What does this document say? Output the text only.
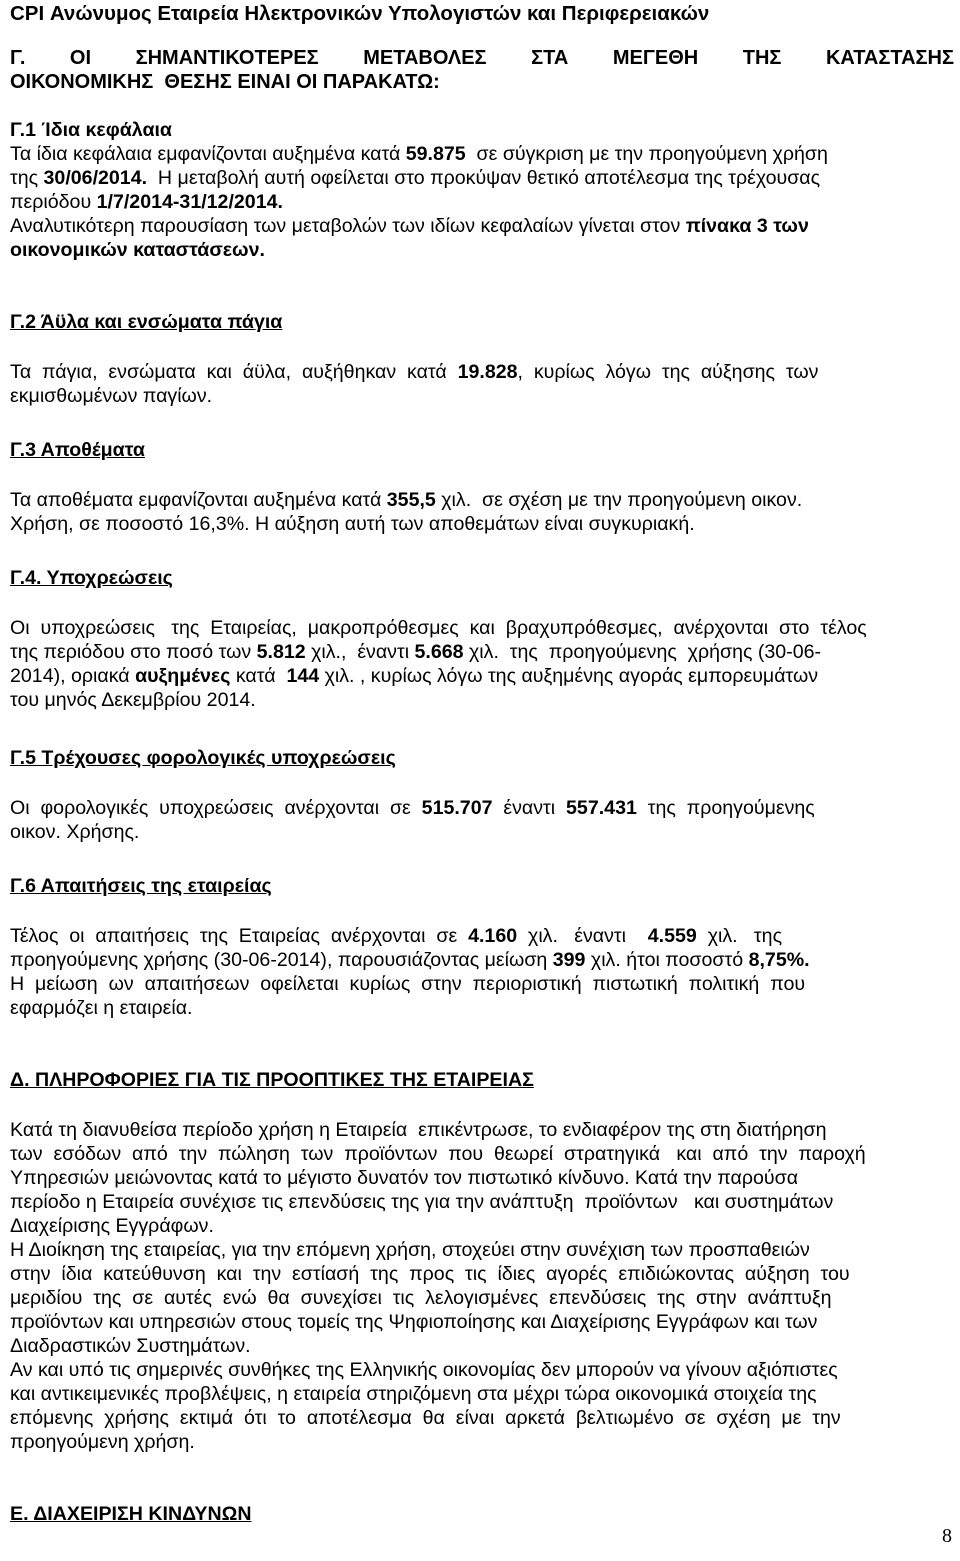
CPI Ανώνυμος Εταιρεία Ηλεκτρονικών Υπολογιστών και Περιφερειακών
Γ.   ΟΙ   ΣΗΜΑΝΤΙΚΟΤΕΡΕΣ   ΜΕΤΑΒΟΛΕΣ   ΣΤΑ   ΜΕΓΕΘΗ   ΤΗΣ   ΚΑΤΑΣΤΑΣΗΣ
ΟΙΚΟΝΟΜΙΚΗΣ  ΘΕΣΗΣ ΕΙΝΑΙ ΟΙ ΠΑΡΑΚΑΤΩ:
Γ.1 Ίδια κεφάλαια
Τα ίδια κεφάλαια εμφανίζονται αυξημένα κατά 59.875  σε σύγκριση με την προηγούμενη χρήση
της 30/06/2014.  Η μεταβολή αυτή οφείλεται στο προκύψαν θετικό αποτέλεσμα της τρέχουσας
περιόδου 1/7/2014-31/12/2014.
Αναλυτικότερη παρουσίαση των μεταβολών των ιδίων κεφαλαίων γίνεται στον πίνακα 3 των
οικονομικών καταστάσεων.
Γ.2 Άϋλα και ενσώματα πάγια
Τα  πάγια,  ενσώματα  και  άϋλα,  αυξήθηκαν  κατά  19.828,  κυρίως  λόγω  της  αύξησης  των
εκμισθωμένων παγίων.
Γ.3 Αποθέματα
Τα αποθέματα εμφανίζονται αυξημένα κατά 355,5 χιλ.  σε σχέση με την προηγούμενη οικον.
Χρήση, σε ποσοστό 16,3%. Η αύξηση αυτή των αποθεμάτων είναι συγκυριακή.
Γ.4. Υποχρεώσεις
Οι  υποχρεώσεις   της  Εταιρείας,  μακροπρόθεσμες  και  βραχυπρόθεσμες,  ανέρχονται  στο  τέλος
της περιόδου στο ποσό των 5.812 χιλ.,  έναντι 5.668 χιλ.  της  προηγούμενης  χρήσης (30-06-
2014), οριακά αυξημένες κατά  144 χιλ. , κυρίως λόγω της αυξημένης αγοράς εμπορευμάτων
του μηνός Δεκεμβρίου 2014.
Γ.5 Τρέχουσες φορολογικές υποχρεώσεις
Οι  φορολογικές  υποχρεώσεις  ανέρχονται  σε  515.707  έναντι  557.431  της  προηγούμενης
οικον. Χρήσης.
Γ.6 Απαιτήσεις της εταιρείας
Τέλος  οι  απαιτήσεις  της  Εταιρείας  ανέρχονται  σε  4.160  χιλ.   έναντι    4.559  χιλ.   της
προηγούμενης χρήσης (30-06-2014), παρουσιάζοντας μείωση 399 χιλ. ήτοι ποσοστό 8,75%.
Η  μείωση  ων  απαιτήσεων  οφείλεται  κυρίως  στην  περιοριστική  πιστωτική  πολιτική  που
εφαρμόζει η εταιρεία.
Δ. ΠΛΗΡΟΦΟΡΙΕΣ ΓΙΑ ΤΙΣ ΠΡΟΟΠΤΙΚΕΣ ΤΗΣ ΕΤΑΙΡΕΙΑΣ
Κατά τη διανυθείσα περίοδο χρήση η Εταιρεία  επικέντρωσε, το ενδιαφέρον της στη διατήρηση
των  εσόδων  από  την  πώληση  των  προϊόντων  που  θεωρεί  στρατηγικά   και  από  την  παροχή
Υπηρεσιών μειώνοντας κατά το μέγιστο δυνατόν τον πιστωτικό κίνδυνο. Κατά την παρούσα
περίοδο η Εταιρεία συνέχισε τις επενδύσεις της για την ανάπτυξη  προϊόντων   και συστημάτων
Διαχείρισης Εγγράφων.
Η Διοίκηση της εταιρείας, για την επόμενη χρήση, στοχεύει στην συνέχιση των προσπαθειών
στην  ίδια  κατεύθυνση  και  την  εστίασή  της  προς  τις  ίδιες  αγορές  επιδιώκοντας  αύξηση  του
μεριδίου  της  σε  αυτές  ενώ  θα  συνεχίσει  τις  λελογισμένες  επενδύσεις  της  στην  ανάπτυξη
προϊόντων και υπηρεσιών στους τομείς της Ψηφιοποίησης και Διαχείρισης Εγγράφων και των
Διαδραστικών Συστημάτων.
Αν και υπό τις σημερινές συνθήκες της Ελληνικής οικονομίας δεν μπορούν να γίνουν αξιόπιστες
και αντικειμενικές προβλέψεις, η εταιρεία στηριζόμενη στα μέχρι τώρα οικονομικά στοιχεία της
επόμενης  χρήσης  εκτιμά  ότι  το  αποτέλεσμα  θα  είναι  αρκετά  βελτιωμένο  σε  σχέση  με  την
προηγούμενη χρήση.
Ε. ΔΙΑΧΕΙΡΙΣΗ ΚΙΝΔΥΝΩΝ
8
